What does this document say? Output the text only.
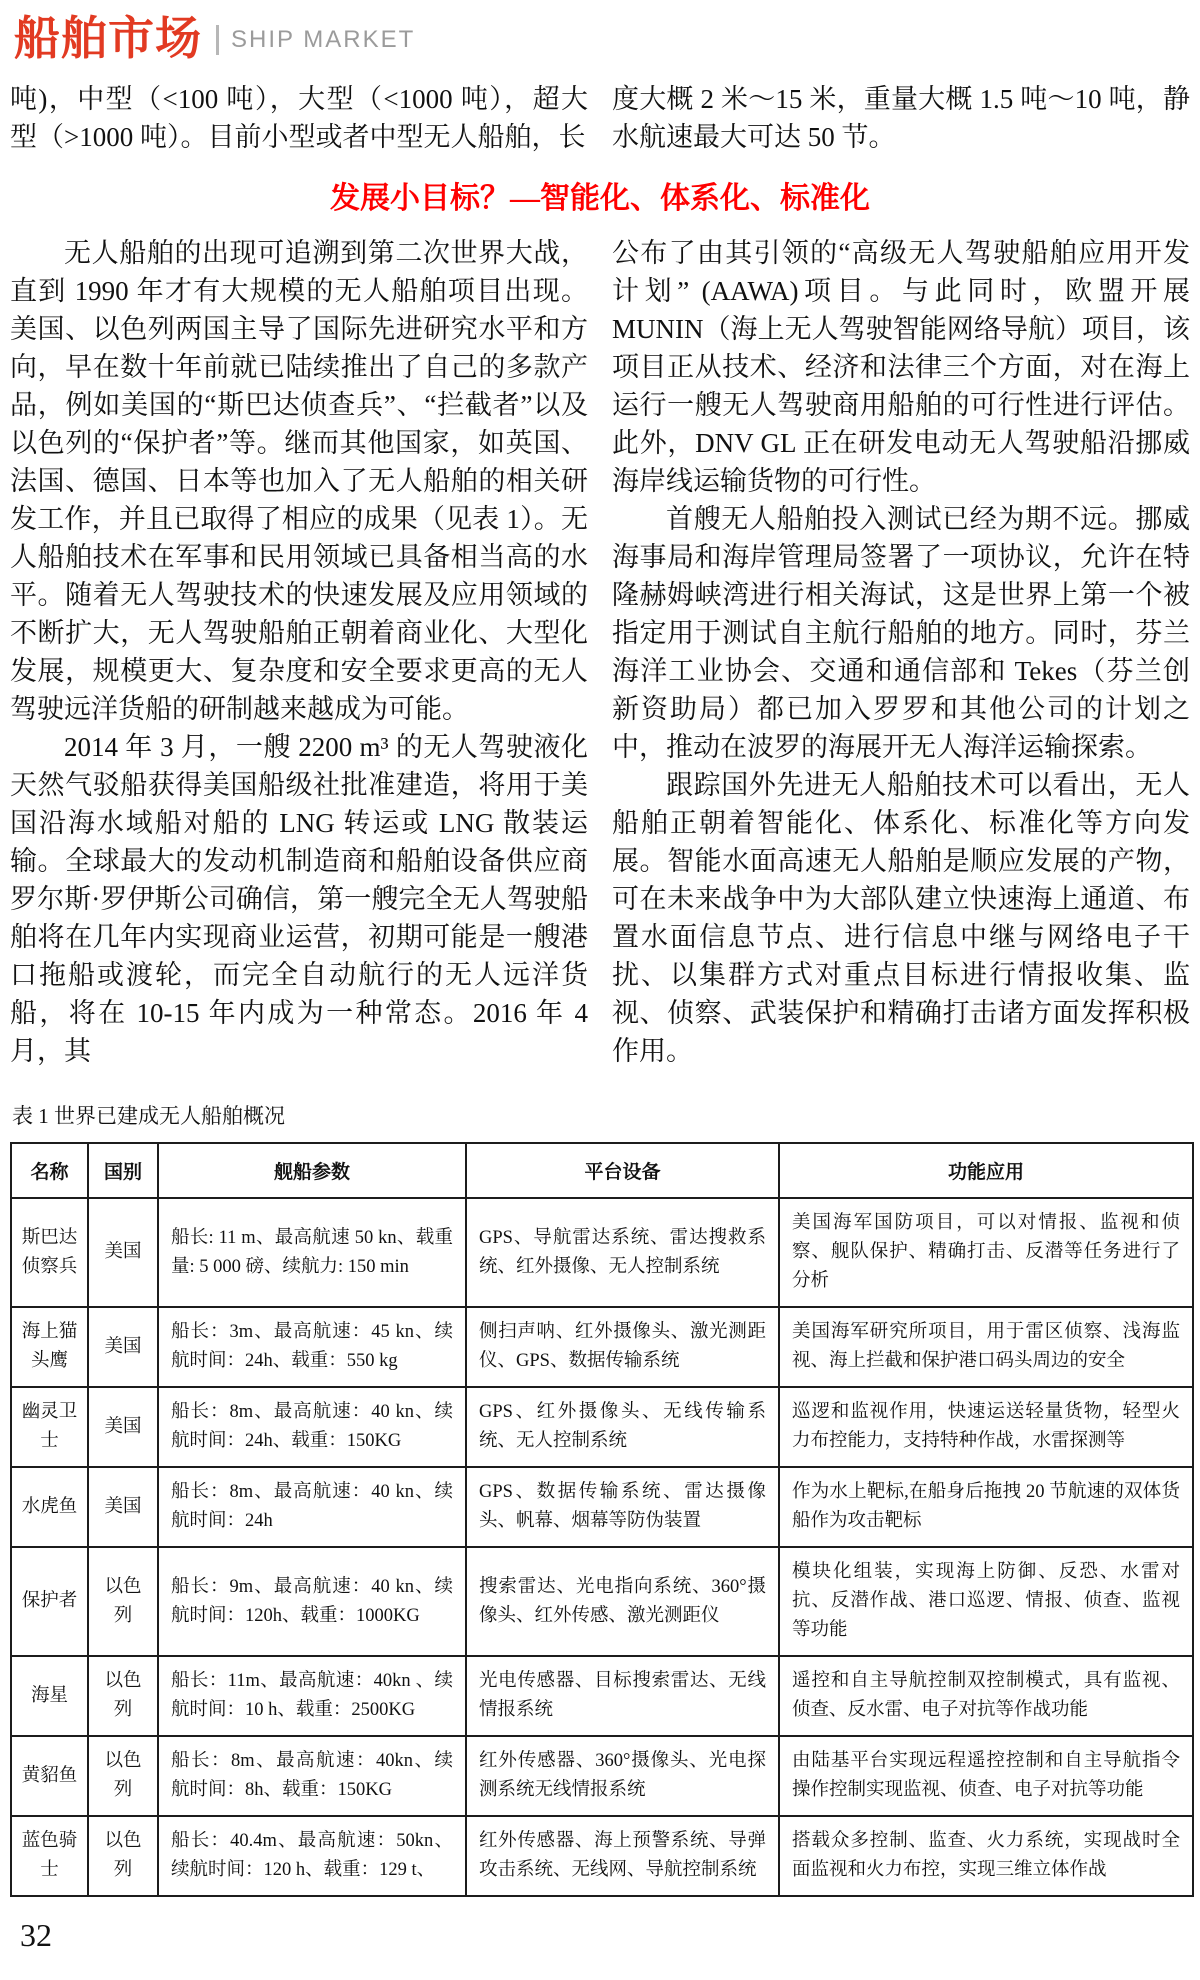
船舶市场 SHIP MARKET

吨)，中型（<100 吨），大型（<1000 吨），超大型（>1000 吨）。目前小型或者中型无人船舶，长

度大概 2 米～15 米，重量大概 1.5 吨～10 吨，静水航速最大可达 50 节。

发展小目标？—智能化、体系化、标准化

无人船舶的出现可追溯到第二次世界大战，直到 1990 年才有大规模的无人船舶项目出现。美国、以色列两国主导了国际先进研究水平和方向，早在数十年前就已陆续推出了自己的多款产品，例如美国的“斯巴达侦查兵”、“拦截者”以及以色列的“保护者”等。继而其他国家，如英国、法国、德国、日本等也加入了无人船舶的相关研发工作，并且已取得了相应的成果（见表 1）。无人船舶技术在军事和民用领域已具备相当高的水平。随着无人驾驶技术的快速发展及应用领域的不断扩大，无人驾驶船舶正朝着商业化、大型化发展，规模更大、复杂度和安全要求更高的无人驾驶远洋货船的研制越来越成为可能。

2014 年 3 月，一艘 2200 m³ 的无人驾驶液化天然气驳船获得美国船级社批准建造，将用于美国沿海水域船对船的 LNG 转运或 LNG 散装运输。全球最大的发动机制造商和船舶设备供应商罗尔斯·罗伊斯公司确信，第一艘完全无人驾驶船舶将在几年内实现商业运营，初期可能是一艘港口拖船或渡轮，而完全自动航行的无人远洋货船，将在 10-15 年内成为一种常态。2016 年 4 月，其

公布了由其引领的“高级无人驾驶船舶应用开发计划” (AAWA)项目。与此同时，欧盟开展 MUNIN（海上无人驾驶智能网络导航）项目，该项目正从技术、经济和法律三个方面，对在海上运行一艘无人驾驶商用船舶的可行性进行评估。此外，DNV GL 正在研发电动无人驾驶船沿挪威海岸线运输货物的可行性。

首艘无人船舶投入测试已经为期不远。挪威海事局和海岸管理局签署了一项协议，允许在特隆赫姆峡湾进行相关海试，这是世界上第一个被指定用于测试自主航行船舶的地方。同时，芬兰海洋工业协会、交通和通信部和 Tekes（芬兰创新资助局）都已加入罗罗和其他公司的计划之中，推动在波罗的海展开无人海洋运输探索。

跟踪国外先进无人船舶技术可以看出，无人船舶正朝着智能化、体系化、标准化等方向发展。智能水面高速无人船舶是顺应发展的产物，可在未来战争中为大部队建立快速海上通道、布置水面信息节点、进行信息中继与网络电子干扰、以集群方式对重点目标进行情报收集、监视、侦察、武装保护和精确打击诸方面发挥积极作用。

表 1 世界已建成无人船舶概况
名称	国别	舰船参数	平台设备	功能应用
斯巴达侦察兵	美国	船长: 11 m、最高航速 50 kn、载重量: 5 000 磅、续航力: 150 min	GPS、导航雷达系统、雷达搜救系统、红外摄像、无人控制系统	美国海军国防项目，可以对情报、监视和侦察、舰队保护、精确打击、反潜等任务进行了分析
海上猫头鹰	美国	船长：3m、最高航速：45 kn、续航时间：24h、载重：550 kg	侧扫声呐、红外摄像头、激光测距仪、GPS、数据传输系统	美国海军研究所项目，用于雷区侦察、浅海监视、海上拦截和保护港口码头周边的安全
幽灵卫士	美国	船长：8m、最高航速：40 kn、续航时间：24h、载重：150KG	GPS、红外摄像头、无线传输系统、无人控制系统	巡逻和监视作用，快速运送轻量货物，轻型火力布控能力，支持特种作战，水雷探测等
水虎鱼	美国	船长：8m、最高航速：40 kn、续航时间：24h	GPS、数据传输系统、雷达摄像头、帆幕、烟幕等防伪装置	作为水上靶标,在船身后拖拽 20 节航速的双体货船作为攻击靶标
保护者	以色列	船长：9m、最高航速：40 kn、续航时间：120h、载重：1000KG	搜索雷达、光电指向系统、360°摄像头、红外传感、激光测距仪	模块化组装，实现海上防御、反恐、水雷对抗、反潜作战、港口巡逻、情报、侦查、监视等功能
海星	以色列	船长：11m、最高航速：40kn 、续航时间：10 h、载重：2500KG	光电传感器、目标搜索雷达、无线情报系统	遥控和自主导航控制双控制模式，具有监视、侦查、反水雷、电子对抗等作战功能
黄貂鱼	以色列	船长：8m、最高航速：40kn、续航时间：8h、载重：150KG	红外传感器、360°摄像头、光电探测系统无线情报系统	由陆基平台实现远程遥控控制和自主导航指令操作控制实现监视、侦查、电子对抗等功能
蓝色骑士	以色列	船长：40.4m、最高航速：50kn、续航时间：120 h、载重：129 t、	红外传感器、海上预警系统、导弹攻击系统、无线网、导航控制系统	搭载众多控制、监查、火力系统，实现战时全面监视和火力布控，实现三维立体作战
32
